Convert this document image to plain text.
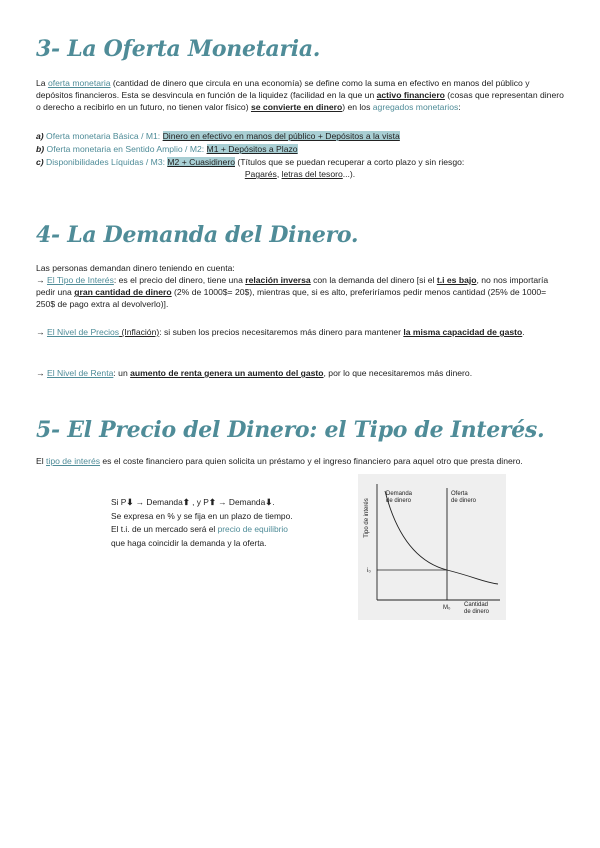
3- La Oferta Monetaria.

La oferta monetaria (cantidad de dinero que circula en una economía) se define como la suma en efectivo en manos del público y depósitos financieros. Esta se desvincula en función de la liquidez (facilidad en la que un activo financiero (cosas que representan dinero o derecho a recibirlo en un futuro, no tienen valor físico) se convierte en dinero) en los agregados monetarios:

a) Oferta monetaria Básica / M1: Dinero en efectivo en manos del público + Depósitos a la vista

b) Oferta monetaria en Sentido Amplio / M2: M1 + Depósitos a Plazo

c) Disponibilidades Líquidas / M3: M2 + Cuasidinero (Títulos que se puedan recuperar a corto plazo y sin riesgo:
Pagarés, letras del tesoro...).

4- La Demanda del Dinero.

Las personas demandan dinero teniendo en cuenta:

→ El Tipo de Interés: es el precio del dinero, tiene una relación inversa con la demanda del dinero [si el t.i es bajo, no nos importaría pedir una gran cantidad de dinero (2% de 1000$= 20$), mientras que, si es alto, preferiríamos pedir menos cantidad (25% de 1000= 250$ de pago extra al devolverlo)].

→ El Nivel de Precios (Inflación): si suben los precios necesitaremos más dinero para mantener la misma capacidad de gasto.

→ El Nivel de Renta: un aumento de renta genera un aumento del gasto, por lo que necesitaremos más dinero.

5- El Precio del Dinero: el Tipo de Interés.

El tipo de interés es el coste financiero para quien solicita un préstamo y el ingreso financiero para aquel otro que presta dinero.

Si P⬇ → Demanda⬆ , y P⬆ → Demanda⬇.
Se expresa en % y se fija en un plazo de tiempo.
El t.i. de un mercado será el precio de equilibrio
que haga coincidir la demanda y la oferta.
Tipo de interés
Demanda
de dinero
Oferta
de dinero
i₀
M₀ Cantidad
de dinero
